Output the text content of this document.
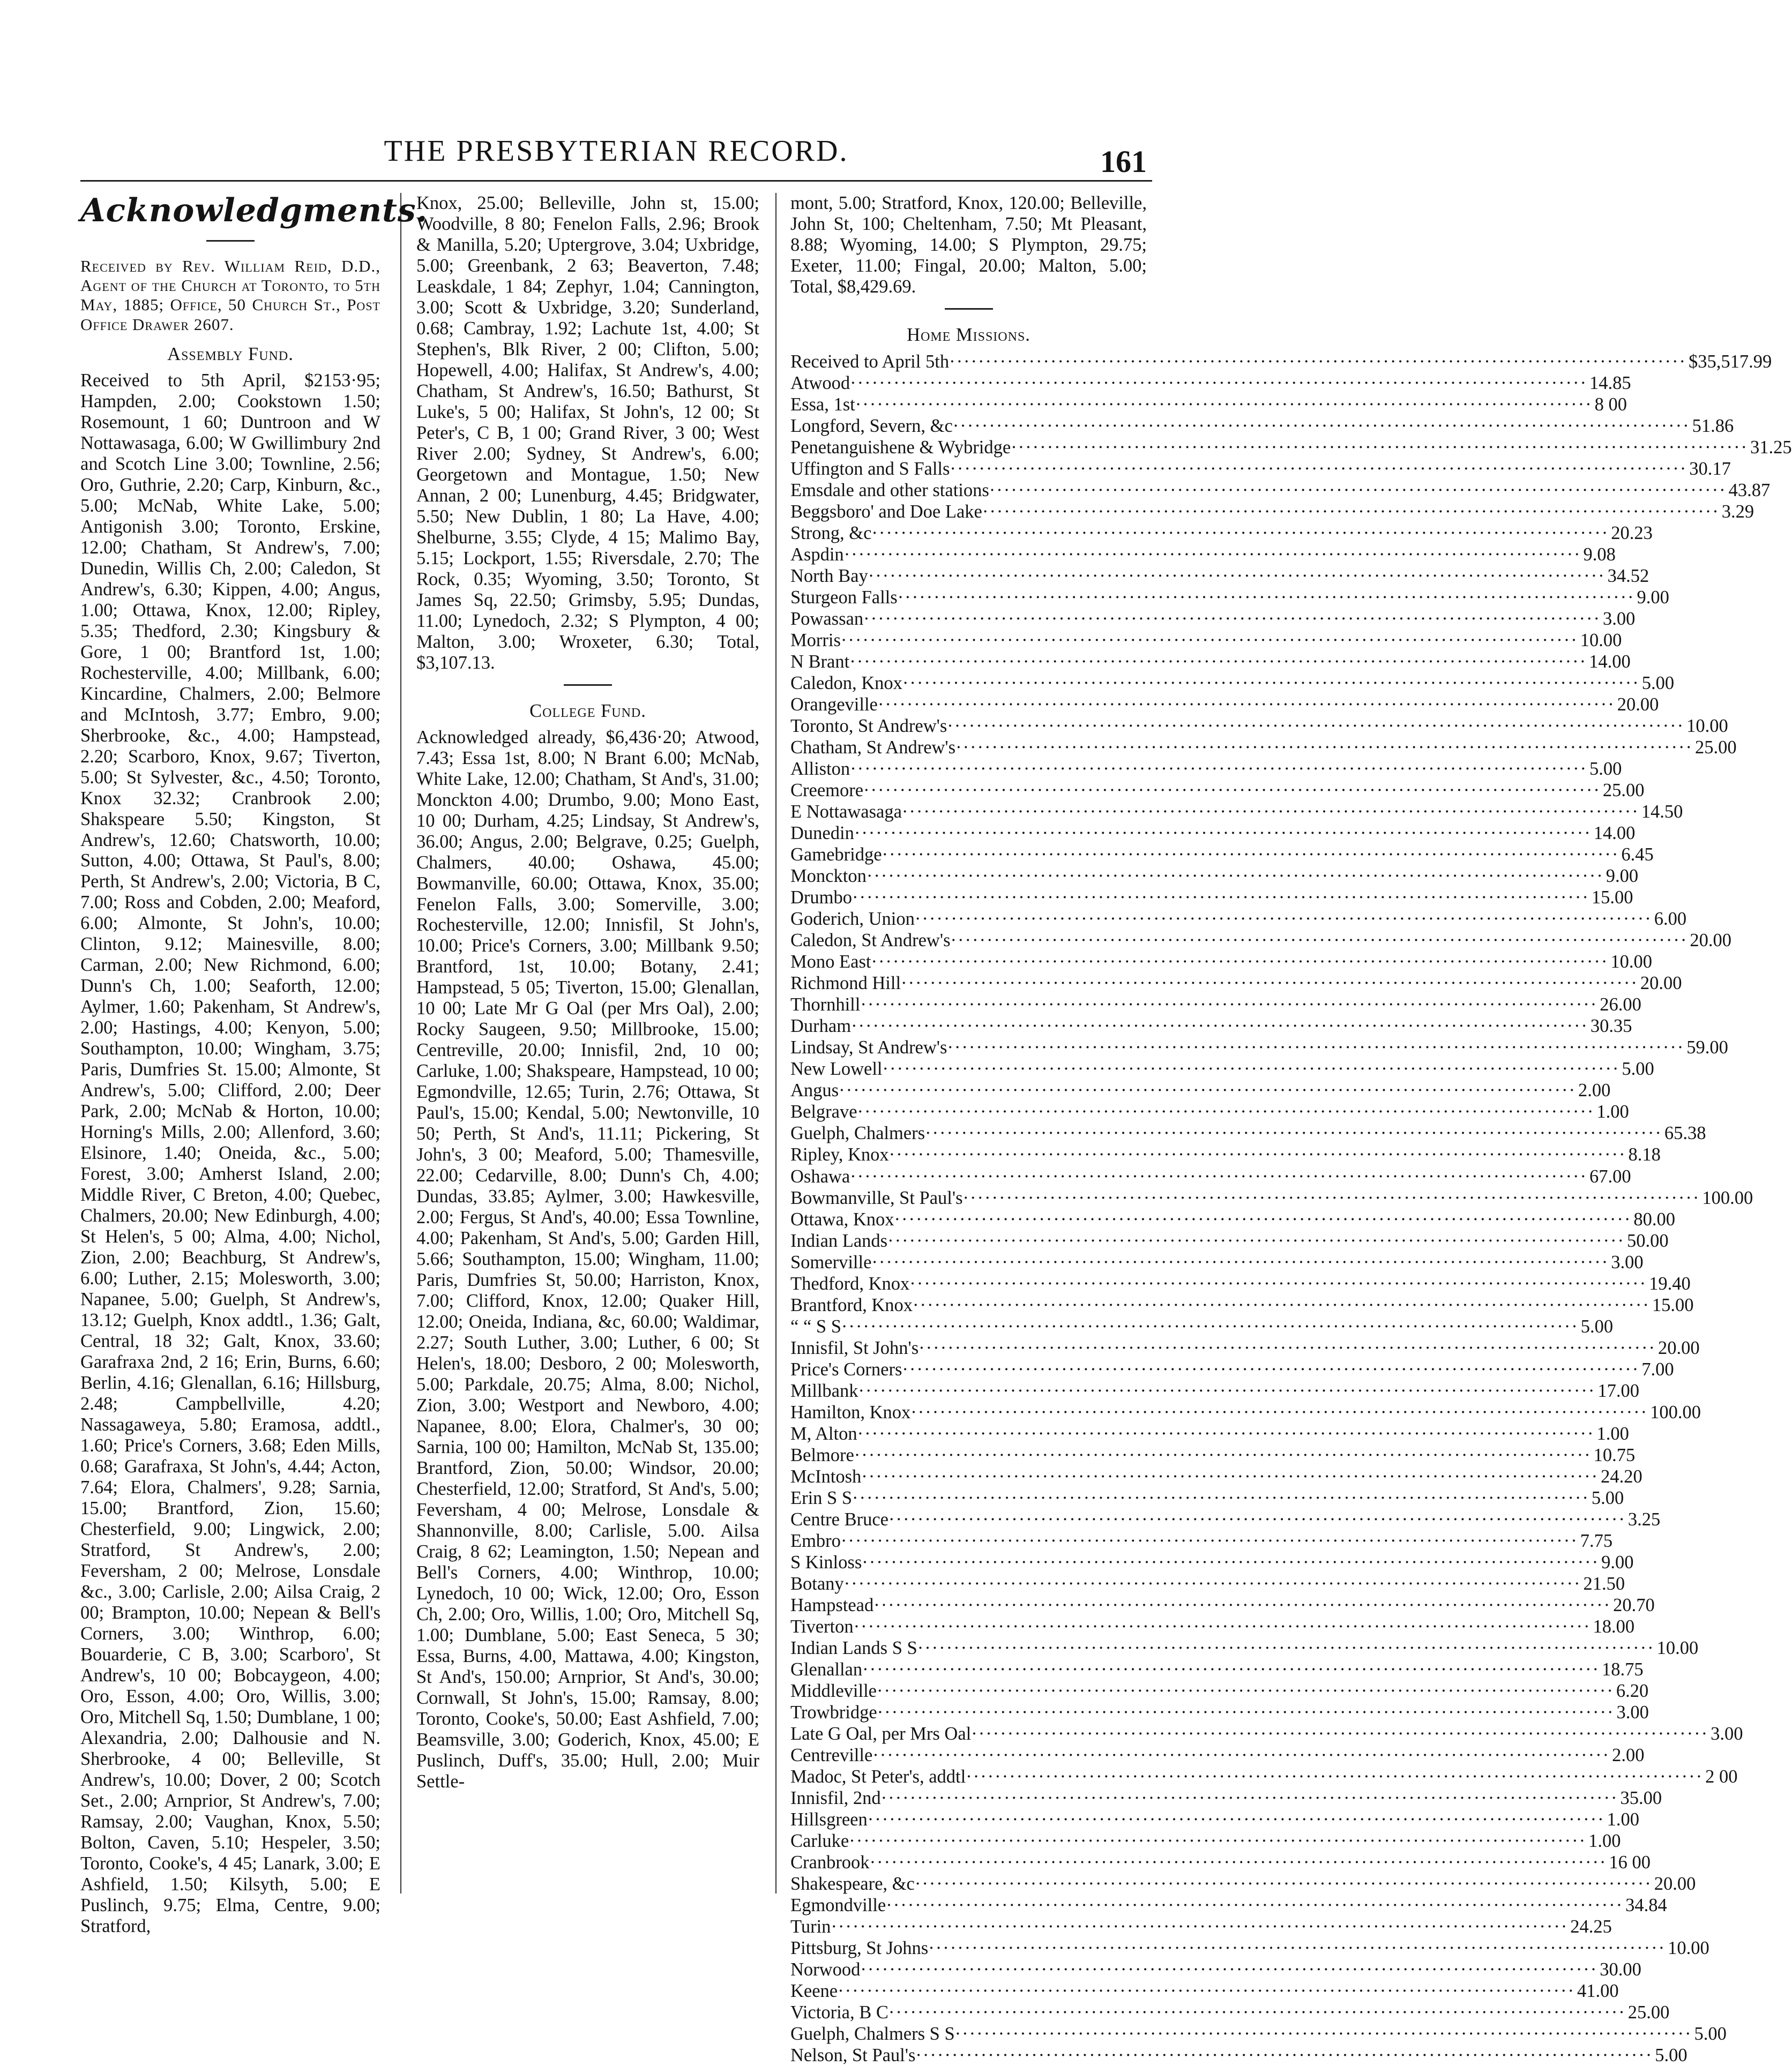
THE PRESBYTERIAN RECORD.	161

Acknowledgments.

Received by Rev. William Reid, D.D., Agent of the Church at Toronto, to 5th May, 1885; Office, 50 Church St., Post Office Drawer 2607.

Assembly Fund.

Received to 5th April, $2153·95; Hampden, 2.00; Cookstown 1.50; Rosemount, 1 60; Duntroon and W Nottawasaga, 6.00; W Gwillimbury 2nd and Scotch Line 3.00; Townline, 2.56; Oro, Guthrie, 2.20; Carp, Kinburn, &c., 5.00; McNab, White Lake, 5.00; Antigonish 3.00; Toronto, Erskine, 12.00; Chatham, St Andrew's, 7.00; Dunedin, Willis Ch, 2.00; Caledon, St Andrew's, 6.30; Kippen, 4.00; Angus, 1.00; Ottawa, Knox, 12.00; Ripley, 5.35; Thedford, 2.30; Kingsbury & Gore, 1 00; Brantford 1st, 1.00; Rochesterville, 4.00; Millbank, 6.00; Kincardine, Chalmers, 2.00; Belmore and McIntosh, 3.77; Embro, 9.00; Sherbrooke, &c., 4.00; Hampstead, 2.20; Scarboro, Knox, 9.67; Tiverton, 5.00; St Sylvester, &c., 4.50; Toronto, Knox 32.32; Cranbrook 2.00; Shakspeare 5.50; Kingston, St Andrew's, 12.60; Chatsworth, 10.00; Sutton, 4.00; Ottawa, St Paul's, 8.00; Perth, St Andrew's, 2.00; Victoria, B C, 7.00; Ross and Cobden, 2.00; Meaford, 6.00; Almonte, St John's, 10.00; Clinton, 9.12; Mainesville, 8.00; Carman, 2.00; New Richmond, 6.00; Dunn's Ch, 1.00; Seaforth, 12.00; Aylmer, 1.60; Pakenham, St Andrew's, 2.00; Hastings, 4.00; Kenyon, 5.00; Southampton, 10.00; Wingham, 3.75; Paris, Dumfries St. 15.00; Almonte, St Andrew's, 5.00; Clifford, 2.00; Deer Park, 2.00; McNab & Horton, 10.00; Horning's Mills, 2.00; Allenford, 3.60; Elsinore, 1.40; Oneida, &c., 5.00; Forest, 3.00; Amherst Island, 2.00; Middle River, C Breton, 4.00; Quebec, Chalmers, 20.00; New Edinburgh, 4.00; St Helen's, 5 00; Alma, 4.00; Nichol, Zion, 2.00; Beachburg, St Andrew's, 6.00; Luther, 2.15; Molesworth, 3.00; Napanee, 5.00; Guelph, St Andrew's, 13.12; Guelph, Knox addtl., 1.36; Galt, Central, 18 32; Galt, Knox, 33.60; Garafraxa 2nd, 2 16; Erin, Burns, 6.60; Berlin, 4.16; Glenallan, 6.16; Hillsburg, 2.48; Campbellville, 4.20; Nassagaweya, 5.80; Eramosa, addtl., 1.60; Price's Corners, 3.68; Eden Mills, 0.68; Garafraxa, St John's, 4.44; Acton, 7.64; Elora, Chalmers', 9.28; Sarnia, 15.00; Brantford, Zion, 15.60; Chesterfield, 9.00; Lingwick, 2.00; Stratford, St Andrew's, 2.00; Feversham, 2 00; Melrose, Lonsdale &c., 3.00; Carlisle, 2.00; Ailsa Craig, 2 00; Brampton, 10.00; Nepean & Bell's Corners, 3.00; Winthrop, 6.00; Bouarderie, C B, 3.00; Scarboro', St Andrew's, 10 00; Bobcaygeon, 4.00; Oro, Esson, 4.00; Oro, Willis, 3.00; Oro, Mitchell Sq, 1.50; Dumblane, 1 00; Alexandria, 2.00; Dalhousie and N. Sherbrooke, 4 00; Belleville, St Andrew's, 10.00; Dover, 2 00; Scotch Set., 2.00; Arnprior, St Andrew's, 7.00; Ramsay, 2.00; Vaughan, Knox, 5.50; Bolton, Caven, 5.10; Hespeler, 3.50; Toronto, Cooke's, 4 45; Lanark, 3.00; E Ashfield, 1.50; Kilsyth, 5.00; E Puslinch, 9.75; Elma, Centre, 9.00; Stratford,

Knox, 25.00; Belleville, John st, 15.00; Woodville, 8 80; Fenelon Falls, 2.96; Brook & Manilla, 5.20; Uptergrove, 3.04; Uxbridge, 5.00; Greenbank, 2 63; Beaverton, 7.48; Leaskdale, 1 84; Zephyr, 1.04; Cannington, 3.00; Scott & Uxbridge, 3.20; Sunderland, 0.68; Cambray, 1.92; Lachute 1st, 4.00; St Stephen's, Blk River, 2 00; Clifton, 5.00; Hopewell, 4.00; Halifax, St Andrew's, 4.00; Chatham, St Andrew's, 16.50; Bathurst, St Luke's, 5 00; Halifax, St John's, 12 00; St Peter's, C B, 1 00; Grand River, 3 00; West River 2.00; Sydney, St Andrew's, 6.00; Georgetown and Montague, 1.50; New Annan, 2 00; Lunenburg, 4.45; Bridgwater, 5.50; New Dublin, 1 80; La Have, 4.00; Shelburne, 3.55; Clyde, 4 15; Malimo Bay, 5.15; Lockport, 1.55; Riversdale, 2.70; The Rock, 0.35; Wyoming, 3.50; Toronto, St James Sq, 22.50; Grimsby, 5.95; Dundas, 11.00; Lynedoch, 2.32; S Plympton, 4 00; Malton, 3.00; Wroxeter, 6.30; Total, $3,107.13.

College Fund.

Acknowledged already, $6,436·20; Atwood, 7.43; Essa 1st, 8.00; N Brant 6.00; McNab, White Lake, 12.00; Chatham, St And's, 31.00; Monckton 4.00; Drumbo, 9.00; Mono East, 10 00; Durham, 4.25; Lindsay, St Andrew's, 36.00; Angus, 2.00; Belgrave, 0.25; Guelph, Chalmers, 40.00; Oshawa, 45.00; Bowmanville, 60.00; Ottawa, Knox, 35.00; Fenelon Falls, 3.00; Somerville, 3.00; Rochesterville, 12.00; Innisfil, St John's, 10.00; Price's Corners, 3.00; Millbank 9.50; Brantford, 1st, 10.00; Botany, 2.41; Hampstead, 5 05; Tiverton, 15.00; Glenallan, 10 00; Late Mr G Oal (per Mrs Oal), 2.00; Rocky Saugeen, 9.50; Millbrooke, 15.00; Centreville, 20.00; Innisfil, 2nd, 10 00; Carluke, 1.00; Shakspeare, Hampstead, 10 00; Egmondville, 12.65; Turin, 2.76; Ottawa, St Paul's, 15.00; Kendal, 5.00; Newtonville, 10 50; Perth, St And's, 11.11; Pickering, St John's, 3 00; Meaford, 5.00; Thamesville, 22.00; Cedarville, 8.00; Dunn's Ch, 4.00; Dundas, 33.85; Aylmer, 3.00; Hawkesville, 2.00; Fergus, St And's, 40.00; Essa Townline, 4.00; Pakenham, St And's, 5.00; Garden Hill, 5.66; Southampton, 15.00; Wingham, 11.00; Paris, Dumfries St, 50.00; Harriston, Knox, 7.00; Clifford, Knox, 12.00; Quaker Hill, 12.00; Oneida, Indiana, &c, 60.00; Waldimar, 2.27; South Luther, 3.00; Luther, 6 00; St Helen's, 18.00; Desboro, 2 00; Molesworth, 5.00; Parkdale, 20.75; Alma, 8.00; Nichol, Zion, 3.00; Westport and Newboro, 4.00; Napanee, 8.00; Elora, Chalmer's, 30 00; Sarnia, 100 00; Hamilton, McNab St, 135.00; Brantford, Zion, 50.00; Windsor, 20.00; Chesterfield, 12.00; Stratford, St And's, 5.00; Feversham, 4 00; Melrose, Lonsdale & Shannonville, 8.00; Carlisle, 5.00. Ailsa Craig, 8 62; Leamington, 1.50; Nepean and Bell's Corners, 4.00; Winthrop, 10.00; Lynedoch, 10 00; Wick, 12.00; Oro, Esson Ch, 2.00; Oro, Willis, 1.00; Oro, Mitchell Sq, 1.00; Dumblane, 5.00; East Seneca, 5 30; Essa, Burns, 4.00, Mattawa, 4.00; Kingston, St And's, 150.00; Arnprior, St And's, 30.00; Cornwall, St John's, 15.00; Ramsay, 8.00; Toronto, Cooke's, 50.00; East Ashfield, 7.00; Beamsville, 3.00; Goderich, Knox, 45.00; E Puslinch, Duff's, 35.00; Hull, 2.00; Muir Settle-

mont, 5.00; Stratford, Knox, 120.00; Belleville, John St, 100; Cheltenham, 7.50; Mt Pleasant, 8.88; Wyoming, 14.00; S Plympton, 29.75; Exeter, 11.00; Fingal, 20.00; Malton, 5.00; Total, $8,429.69.

Home Missions.

Received to April 5th ·····	$35,517.99
Atwood ·····	14.85
Essa, 1st ·····	8 00
Longford, Severn, &c ·····	51.86
Penetanguishene & Wybridge ·····	31.25
Uffington and S Falls ·····	30.17
Emsdale and other stations ·····	43.87
Beggsboro' and Doe Lake ·····	3.29
Strong, &c ·····	20.23
Aspdin ·····	9.08
North Bay ·····	34.52
Sturgeon Falls ·····	9.00
Powassan ·····	3.00
Morris ·····	10.00
N Brant ·····	14.00
Caledon, Knox ·····	5.00
Orangeville ·····	20.00
Toronto, St Andrew's ·····	10.00
Chatham, St Andrew's ·····	25.00
Alliston ·····	5.00
Creemore ·····	25.00
E Nottawasaga ·····	14.50
Dunedin ·····	14.00
Gamebridge ·····	6.45
Monckton ·····	9.00
Drumbo ·····	15.00
Goderich, Union ·····	6.00
Caledon, St Andrew's ·····	20.00
Mono East ·····	10.00
Richmond Hill ·····	20.00
Thornhill ·····	26.00
Durham ·····	30.35
Lindsay, St Andrew's ·····	59.00
New Lowell ·····	5.00
Angus ·····	2.00
Belgrave ·····	1.00
Guelph, Chalmers ·····	65.38
Ripley, Knox ·····	8.18
Oshawa ·····	67.00
Bowmanville, St Paul's ·····	100.00
Ottawa, Knox ·····	80.00
Indian Lands ·····	50.00
Somerville ·····	3.00
Thedford, Knox ·····	19.40
Brantford, Knox ·····	15.00
“ “ S S ·····	5.00
Innisfil, St John's ·····	20.00
Price's Corners ·····	7.00
Millbank ·····	17.00
Hamilton, Knox ·····	100.00
M, Alton ·····	1.00
Belmore ·····	10.75
McIntosh ·····	24.20
Erin S S ·····	5.00
Centre Bruce ·····	3.25
Embro ·····	7.75
S Kinloss ·····	9.00
Botany ·····	21.50
Hampstead ·····	20.70
Tiverton ·····	18.00
Indian Lands S S ·····	10.00
Glenallan ·····	18.75
Middleville ·····	6.20
Trowbridge ·····	3.00
Late G Oal, per Mrs Oal ·····	3.00
Centreville ·····	2.00
Madoc, St Peter's, addtl ·····	2 00
Innisfil, 2nd ·····	35.00
Hillsgreen ·····	1.00
Carluke ·····	1.00
Cranbrook ·····	16 00
Shakespeare, &c ·····	20.00
Egmondville ·····	34.84
Turin ·····	24.25
Pittsburg, St Johns ·····	10.00
Norwood ·····	30.00
Keene ·····	41.00
Victoria, B C ·····	25.00
Guelph, Chalmers S S ·····	5.00
Nelson, St Paul's ·····	5.00
